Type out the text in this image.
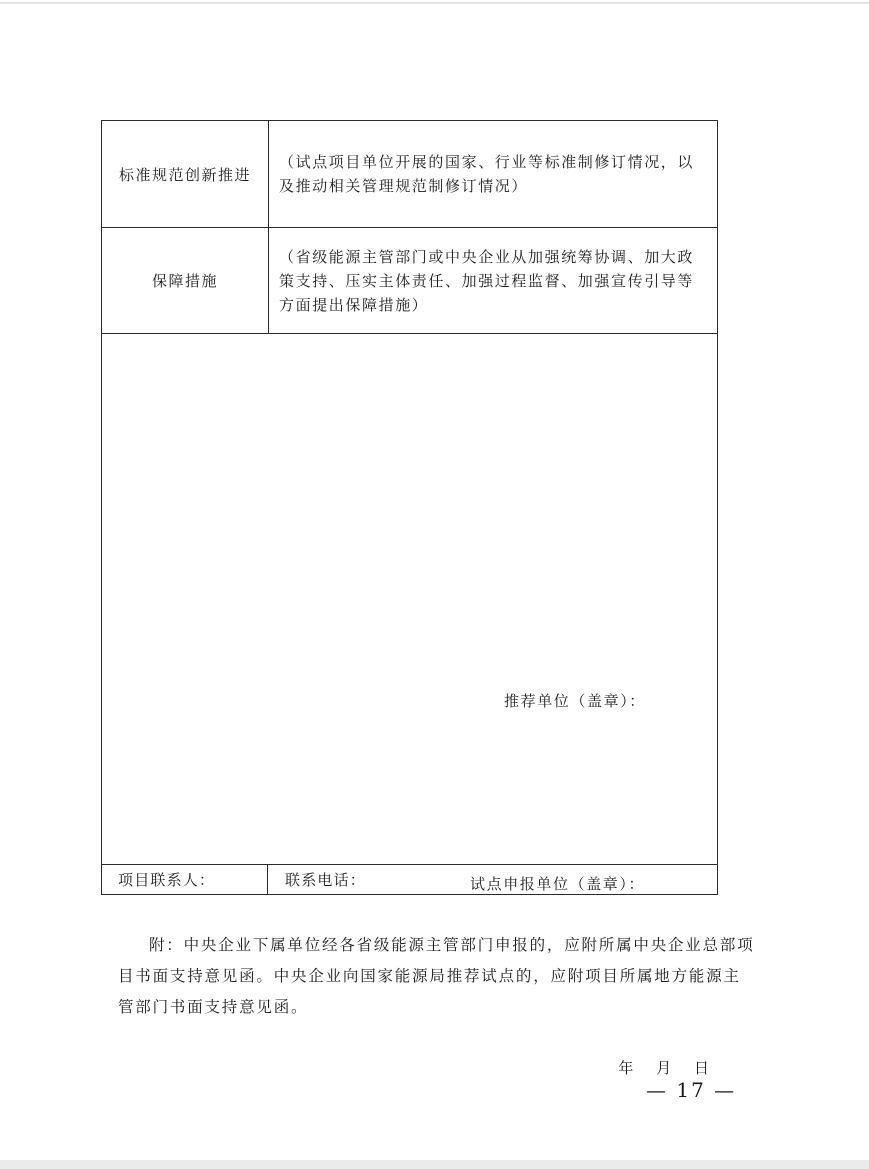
标准规范创新推进
（试点项目单位开展的国家、行业等标准制修订情况，以及推动相关管理规范制修订情况）
保障措施
（省级能源主管部门或中央企业从加强统筹协调、加大政策支持、压实主体责任、加强过程监督、加强宣传引导等方面提出保障措施）
推荐单位（盖章）：
试点申报单位（盖章）：
年 月 日
项目联系人：	联系电话：
附：中央企业下属单位经各省级能源主管部门申报的，应附所属中央企业总部项目书面支持意见函。中央企业向国家能源局推荐试点的，应附项目所属地方能源主管部门书面支持意见函。
— 17 —
